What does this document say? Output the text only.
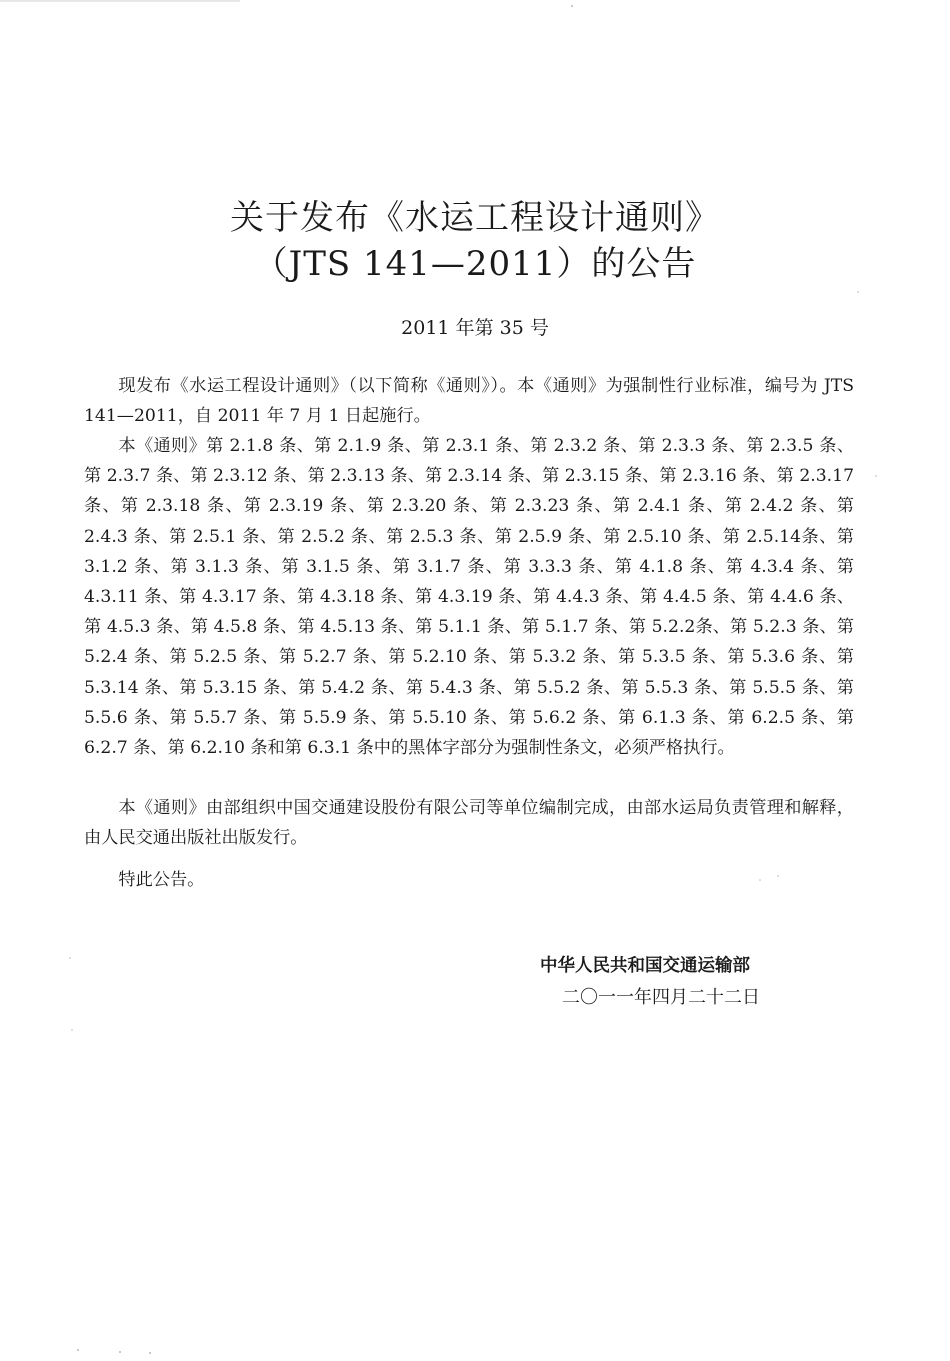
关于发布《水运工程设计通则》
（JTS 141—2011）的公告
2011 年第 35 号

现发布《水运工程设计通则》（以下简称《通则》）。本《通则》为强制性行业标准，编号为 JTS 141—2011，自 2011 年 7 月 1 日起施行。

本《通则》第 2.1.8 条、第 2.1.9 条、第 2.3.1 条、第 2.3.2 条、第 2.3.3 条、第 2.3.5 条、第 2.3.7 条、第 2.3.12 条、第 2.3.13 条、第 2.3.14 条、第 2.3.15 条、第 2.3.16 条、第 2.3.17条、第 2.3.18 条、第 2.3.19 条、第 2.3.20 条、第 2.3.23 条、第 2.4.1 条、第 2.4.2 条、第 2.4.3 条、第 2.5.1 条、第 2.5.2 条、第 2.5.3 条、第 2.5.9 条、第 2.5.10 条、第 2.5.14条、第 3.1.2 条、第 3.1.3 条、第 3.1.5 条、第 3.1.7 条、第 3.3.3 条、第 4.1.8 条、第 4.3.4 条、第 4.3.11 条、第 4.3.17 条、第 4.3.18 条、第 4.3.19 条、第 4.4.3 条、第 4.4.5 条、第 4.4.6 条、第 4.5.3 条、第 4.5.8 条、第 4.5.13 条、第 5.1.1 条、第 5.1.7 条、第 5.2.2条、第 5.2.3 条、第 5.2.4 条、第 5.2.5 条、第 5.2.7 条、第 5.2.10 条、第 5.3.2 条、第 5.3.5 条、第 5.3.6 条、第 5.3.14 条、第 5.3.15 条、第 5.4.2 条、第 5.4.3 条、第 5.5.2 条、第 5.5.3 条、第 5.5.5 条、第 5.5.6 条、第 5.5.7 条、第 5.5.9 条、第 5.5.10 条、第 5.6.2 条、第 6.1.3 条、第 6.2.5 条、第 6.2.7 条、第 6.2.10 条和第 6.3.1 条中的黑体字部分为强制性条文，必须严格执行。

本《通则》由部组织中国交通建设股份有限公司等单位编制完成，由部水运局负责管理和解释，由人民交通出版社出版发行。

特此公告。

中华人民共和国交通运输部
二〇一一年四月二十二日
